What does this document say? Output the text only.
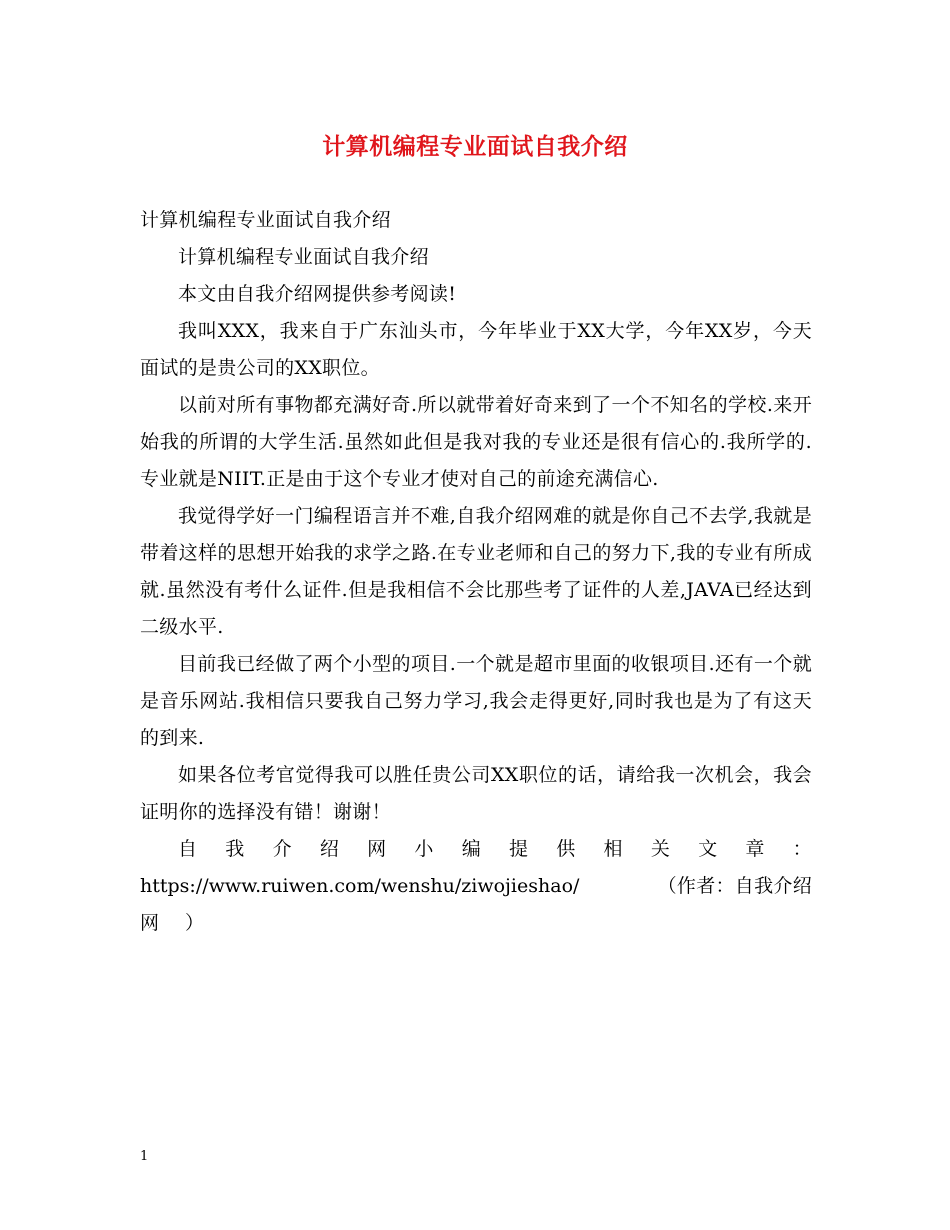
计算机编程专业面试自我介绍

计算机编程专业面试自我介绍

计算机编程专业面试自我介绍

本文由自我介绍网提供参考阅读!

我叫XXX，我来自于广东汕头市，今年毕业于XX大学，今年XX岁，今天面试的是贵公司的XX职位。

以前对所有事物都充满好奇.所以就带着好奇来到了一个不知名的学校.来开始我的所谓的大学生活.虽然如此但是我对我的专业还是很有信心的.我所学的.专业就是NIIT.正是由于这个专业才使对自己的前途充满信心.

我觉得学好一门编程语言并不难,自我介绍网难的就是你自己不去学,我就是带着这样的思想开始我的求学之路.在专业老师和自己的努力下,我的专业有所成就.虽然没有考什么证件.但是我相信不会比那些考了证件的人差,JAVA已经达到二级水平.

目前我已经做了两个小型的项目.一个就是超市里面的收银项目.还有一个就是音乐网站.我相信只要我自己努力学习,我会走得更好,同时我也是为了有这天的到来.

如果各位考官觉得我可以胜任贵公司XX职位的话，请给我一次机会，我会证明你的选择没有错！谢谢！

自 我 介 绍 网 小 编 提 供 相 关 文 章 ：
https://www.ruiwen.com/wenshu/ziwojieshao/	（作者：自我介绍

网　 ）

1
